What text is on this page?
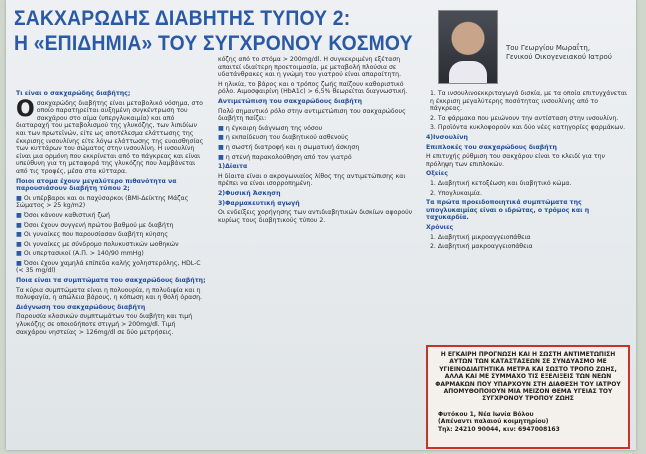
ΣΑΚΧΑΡΩΔΗΣ ΔΙΑΒΗΤΗΣ ΤΥΠΟΥ 2:
Η «ΕΠΙΔΗΜΙΑ» ΤΟΥ ΣΥΓΧΡΟΝΟΥ ΚΟΣΜΟΥ	Του Γεωργίου Μωραΐτη,
Γενικού Οικογενειακού Ιατρού

Τι είναι ο σακχαρώδης διαβήτης;

Ο σακχαρώδης διαβήτης είναι μεταβολικό νόσημα, στο οποίο παρατηρείται αυξημένη συγκέντρωση του σακχάρου στο αίμα (υπεργλυκαιμία) και από διαταραχή του μεταβολισμού της γλυκόζης, των λιπιδίων και των πρωτεϊνών, είτε ως αποτέλεσμα ελάττωσης της έκκρισης ινσουλίνης είτε λόγω ελάττωσης της ευαισθησίας των κυττάρων του σώματος στην ινσουλίνη. Η ινσουλίνη είναι μια ορμόνη που εκκρίνεται από το πάγκρεας και είναι υπεύθυνη για τη μεταφορά της γλυκόζης που λαμβάνεται από τις τροφές, μέσα στα κύτταρα.

Ποιοι ατομα έχουν μεγαλύτερο πιθανότητα να παρουσιάσουν διαβήτη τύπου 2;

■ Οι υπέρβαροι και οι παχύσαρκοι (BMI-Δείκτης Μάζας Σώματος > 25 kg/m2)

■ Όσοι κάνουν καθιστική ζωή

■ Όσοι έχουν συγγενή πρώτου βαθμού με διαβήτη

■ Οι γυναίκες που παρουσίασαν διαβήτη κύησης

■ Οι γυναίκες με σύνδρομο πολυκυστικών ωοθηκών

■ Οι υπερτασικοί (Α.Π. > 140/90 mmHg)

■ Όσοι έχουν χαμηλά επίπεδα καλής χοληστερόλης, HDL-C (< 35 mg/dl)

Ποια είναι τα συμπτώματα του σακχαρώδους διαβήτη;

Τα κύρια συμπτώματα είναι η πολυουρία, η πολυδιψία και η πολυφαγία, η απώλεια βάρους, η κόπωση και η θολή όραση.

Διάγνωση του σακχαρώδους διαβήτη

Παρουσία κλασικών συμπτωμάτων του διαβήτη και τιμή γλυκόζης σε οποιοδήποτε στιγμή > 200mg/dl. Τιμή σακχάρου νηστείας > 126mg/dl σε δύο μετρήσεις.

κόζης από το στόμα > 200mg/dl. Η συγκεκριμένη εξέταση απαιτεί ιδιαίτερη προετοιμασία, με μεταβολή πλούσια σε υδατάνθρακες και η γνώμη του γιατρού είναι απαραίτητη.

Η ηλικία, το βάρος και ο τρόπος ζωής παίζουν καθοριστικό ρόλο. Αιμοσφαιρίνη (HbA1c) > 6,5% θεωρείται διαγνωστική.

Αντιμετώπιση του σακχαρώδους διαβήτη

Πολύ σημαντικό ρόλο στην αντιμετώπιση του σακχαρώδους διαβήτη παίζει:

■ η έγκαιρη διάγνωση της νόσου

■ η εκπαίδευση του διαβητικού ασθενούς

■ η σωστή διατροφή και η σωματική άσκηση

■ η στενή παρακολούθηση από τον γιατρό

1)Δίαιτα

Η δίαιτα είναι ο ακρογωνιαίος λίθος της αντιμετώπισης και πρέπει να είναι ισορροπημένη.

2)Φυσική Άσκηση

3)Φαρμακευτική αγωγή

Οι ενδείξεις χορήγησης των αντιδιαβητικών δισκίων αφορούν κυρίως τους διαβητικούς τύπου 2.

1. Τα ινσουλινοεκκριταγωγά δισκία, με τα οποία επιτυγχάνεται η έκκριση μεγαλύτερης ποσότητας ινσουλίνης από το πάγκρεας.

2. Τα φάρμακα που μειώνουν την αντίσταση στην ινσουλίνη.

3. Προϊόντα κυκλοφορούν και δύο νέες κατηγορίες φαρμάκων.

4)Ινσουλίνη

Επιπλοκές του σακχαρώδους διαβήτη

Η επιτυχής ρύθμιση του σακχάρου είναι το κλειδί για την πρόληψη των επιπλοκών.

Οξείες

1. Διαβητική κετοξέωση και διαβητικό κώμα.

2. Υπογλυκαιμία.

Τα πρώτα προειδοποιητικά συμπτώματα της υπογλυκαιμίας είναι ο ιδρώτας, ο τρόμος και η ταχυκαρδία.

Χρόνιες

1. Διαβητική μικροαγγειοπάθεια

2. Διαβητική μακροαγγειοπάθεια

Η ΕΓΚΑΙΡΗ ΠΡΟΓΝΩΣΗ ΚΑΙ Η ΣΩΣΤΗ ΑΝΤΙΜΕΤΩΠΙΣΗ ΑΥΤΩΝ ΤΩΝ ΚΑΤΑΣΤΑΣΕΩΝ ΣΕ ΣΥΝΔΥΑΣΜΟ ΜΕ ΥΓΙΕΙΝΟΔΙΑΙΤΗΤΙΚΑ ΜΕΤΡΑ ΚΑΙ ΣΩΣΤΟ ΤΡΟΠΟ ΖΩΗΣ, ΑΛΛΑ ΚΑΙ ΜΕ ΣΥΜΜΑΧΟ ΤΙΣ ΕΞΕΛΙΞΕΙΣ ΤΩΝ ΝΕΩΝ ΦΑΡΜΑΚΩΝ ΠΟΥ ΥΠΑΡΧΟΥΝ ΣΤΗ ΔΙΑΘΕΣΗ ΤΟΥ ΙΑΤΡΟΥ ΑΠΟΜΥΘΟΠΟΙΟΥΝ ΜΙΑ ΜΕΙΖΟΝ ΘΕΜΑ ΥΓΕΙΑΣ ΤΟΥ ΣΥΓΧΡΟΝΟΥ ΤΡΟΠΟΥ ΖΩΗΣ
Φυτόκου 1, Νέα Ιωνία Βόλου
(Απέναντι παλαιού κοιμητηρίου)
Τηλ: 24210 90044, κιν: 6947008163
